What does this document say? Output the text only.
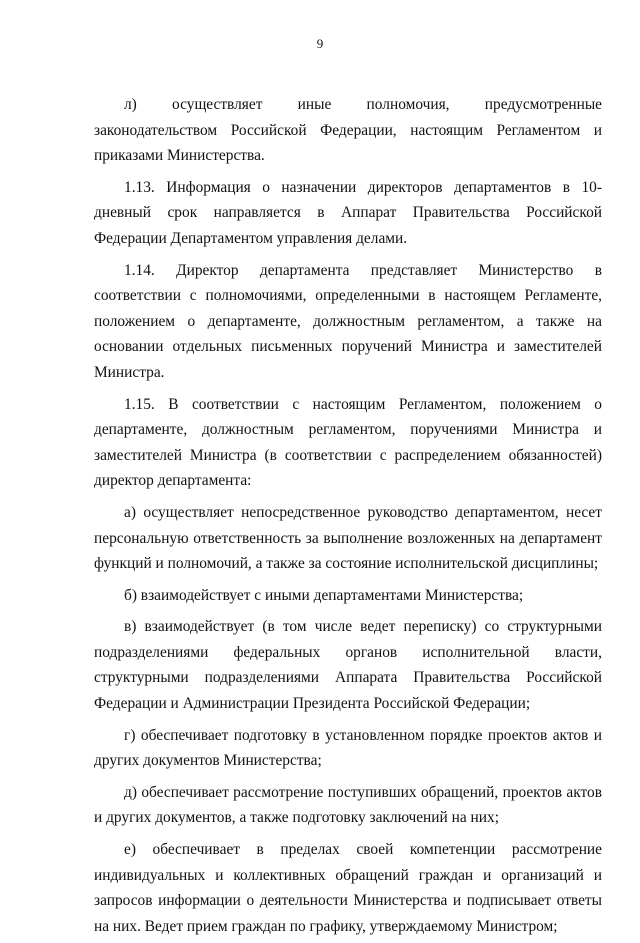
9

л) осуществляет иные полномочия, предусмотренные законодательством Российской Федерации, настоящим Регламентом и приказами Министерства.

1.13. Информация о назначении директоров департаментов в 10-дневный срок направляется в Аппарат Правительства Российской Федерации Департаментом управления делами.

1.14. Директор департамента представляет Министерство в соответствии с полномочиями, определенными в настоящем Регламенте, положением о департаменте, должностным регламентом, а также на основании отдельных письменных поручений Министра и заместителей Министра.

1.15. В соответствии с настоящим Регламентом, положением о департаменте, должностным регламентом, поручениями Министра и заместителей Министра (в соответствии с распределением обязанностей) директор департамента:

а) осуществляет непосредственное руководство департаментом, несет персональную ответственность за выполнение возложенных на департамент функций и полномочий, а также за состояние исполнительской дисциплины;

б) взаимодействует с иными департаментами Министерства;

в) взаимодействует (в том числе ведет переписку) со структурными подразделениями федеральных органов исполнительной власти, структурными подразделениями Аппарата Правительства Российской Федерации и Администрации Президента Российской Федерации;

г) обеспечивает подготовку в установленном порядке проектов актов и других документов Министерства;

д) обеспечивает рассмотрение поступивших обращений, проектов актов и других документов, а также подготовку заключений на них;

е) обеспечивает в пределах своей компетенции рассмотрение индивидуальных и коллективных обращений граждан и организаций и запросов информации о деятельности Министерства и подписывает ответы на них. Ведет прием граждан по графику, утверждаемому Министром;
